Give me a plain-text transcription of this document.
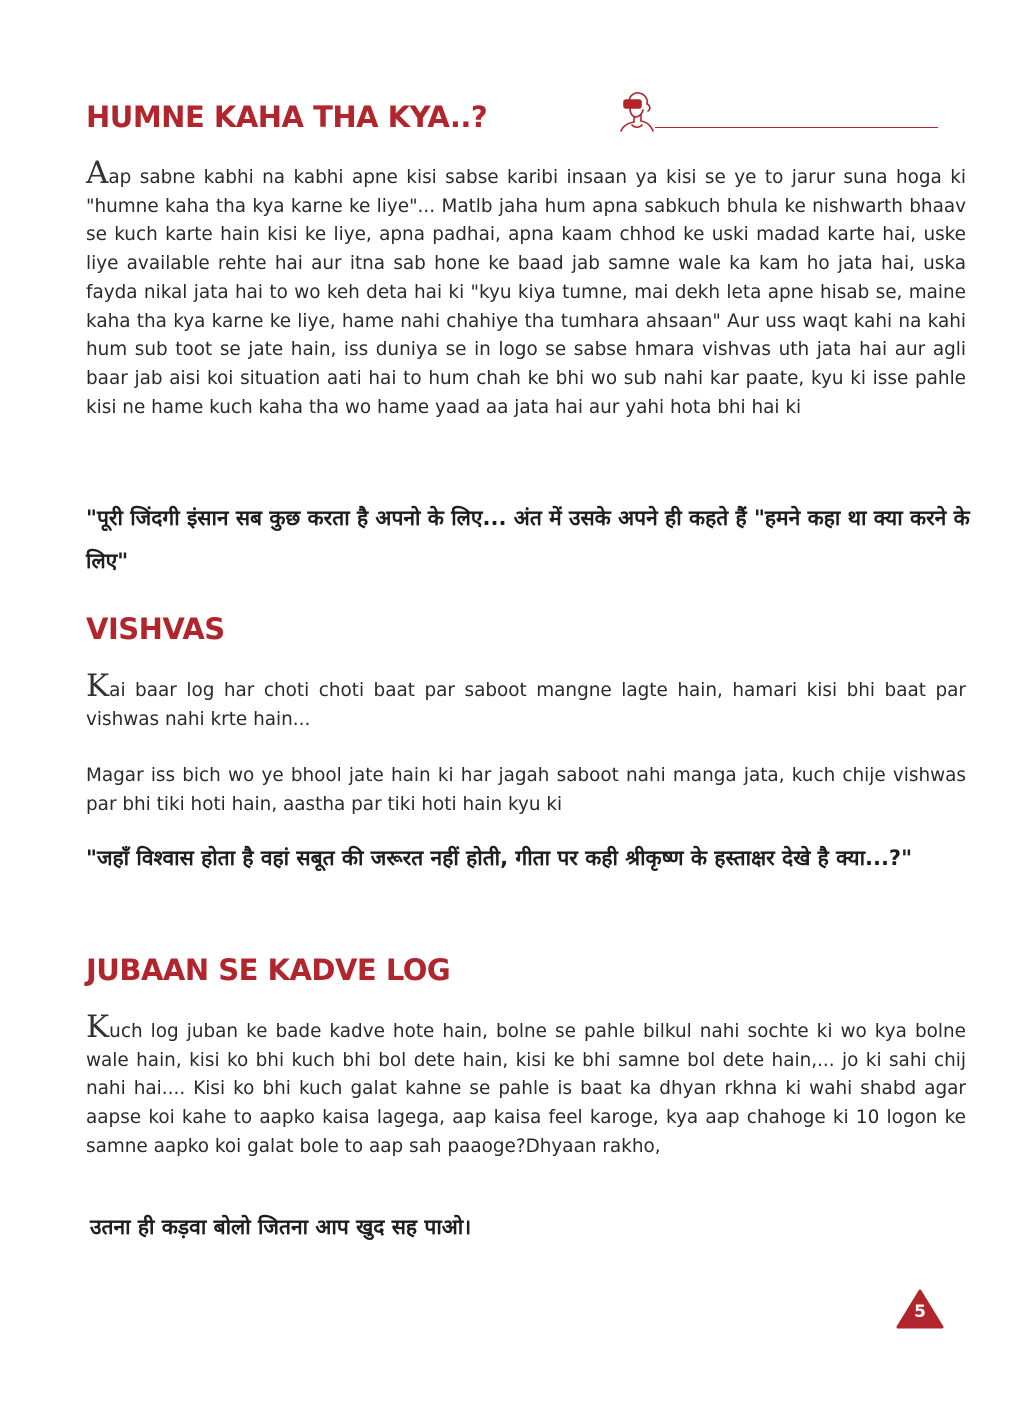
HUMNE KAHA THA KYA..?

Aap sabne kabhi na kabhi apne kisi sabse karibi insaan ya kisi se ye to jarur suna hoga ki "humne kaha tha kya karne ke liye"... Matlb jaha hum apna sabkuch bhula ke nishwarth bhaav se kuch karte hain kisi ke liye, apna padhai, apna kaam chhod ke uski madad karte hai, uske liye available rehte hai aur itna sab hone ke baad jab samne wale ka kam ho jata hai, uska fayda nikal jata hai to wo keh deta hai ki "kyu kiya tumne, mai dekh leta apne hisab se, maine kaha tha kya karne ke liye, hame nahi chahiye tha tumhara ahsaan" Aur uss waqt kahi na kahi hum sub toot se jate hain, iss duniya se in logo se sabse hmara vishvas uth jata hai aur agli baar jab aisi koi situation aati hai to hum chah ke bhi wo sub nahi kar paate, kyu ki isse pahle kisi ne hame kuch kaha tha wo hame yaad aa jata hai aur yahi hota bhi hai ki

"पूरी जिंदगी इंसान सब कुछ करता है अपनो के लिए... अंत में उसके अपने ही कहते हैं "हमने कहा था क्या करने के लिए"

VISHVAS

Kai baar log har choti choti baat par saboot mangne lagte hain, hamari kisi bhi baat par vishwas nahi krte hain...

Magar iss bich wo ye bhool jate hain ki har jagah saboot nahi manga jata, kuch chije vishwas par bhi tiki hoti hain, aastha par tiki hoti hain kyu ki

"जहाँ विश्वास होता है वहां सबूत की जरूरत नहीं होती, गीता पर कही श्रीकृष्ण के हस्ताक्षर देखे है क्या...?"

JUBAAN SE KADVE LOG

Kuch log juban ke bade kadve hote hain, bolne se pahle bilkul nahi sochte ki wo kya bolne wale hain, kisi ko bhi kuch bhi bol dete hain, kisi ke bhi samne bol dete hain,... jo ki sahi chij nahi hai.... Kisi ko bhi kuch galat kahne se pahle is baat ka dhyan rkhna ki wahi shabd agar aapse koi kahe to aapko kaisa lagega, aap kaisa feel karoge, kya aap chahoge ki 10 logon ke samne aapko koi galat bole to aap sah paaoge?Dhyaan rakho,

उतना ही कड़वा बोलो जितना आप खुद सह पाओ।

5
